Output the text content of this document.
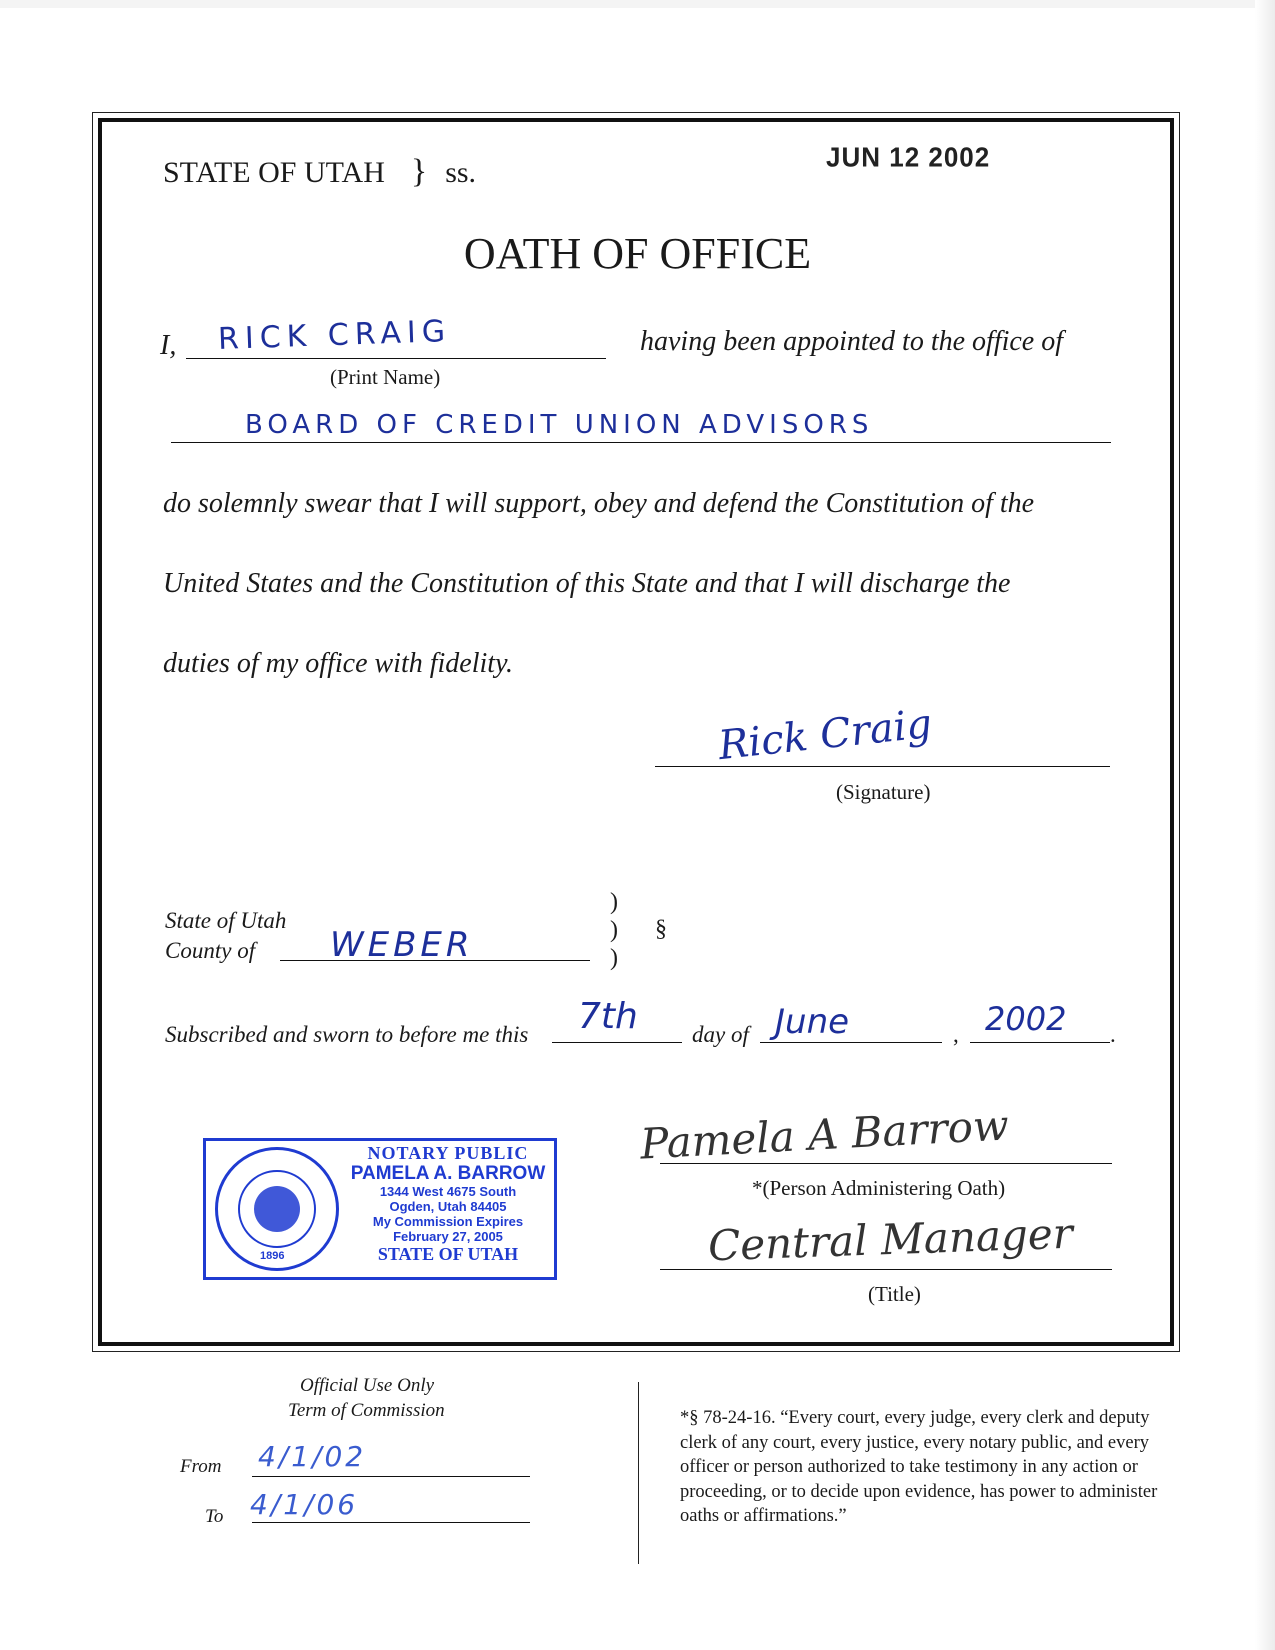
STATE OF UTAH } ss.	JUN 12 2002
OATH OF OFFICE
I, RICK CRAIG
(Print Name)
having been appointed to the office of
BOARD OF CREDIT UNION ADVISORS
do solemnly swear that I will support, obey and defend the Constitution of the
United States and the Constitution of this State and that I will discharge the
duties of my office with fidelity.
Rick Craig
(Signature)
State of Utah
County of WEBER
)
)
)
§
Subscribed and sworn to before me this 7th day of June	, 2002 .
Pamela A Barrow
*(Person Administering Oath)
Central Manager
(Title)
1896
NOTARY PUBLIC
PAMELA A. BARROW
1344 West 4675 South
Ogden, Utah 84405
My Commission Expires
February 27, 2005
STATE OF UTAH
Official Use Only
Term of Commission
From 4/1/02
To 4/1/06
*§ 78-24-16. “Every court, every judge, every clerk and deputy clerk of any court, every justice, every notary public, and every officer or person authorized to take testimony in any action or proceeding, or to decide upon evidence, has power to administer oaths or affirmations.”
